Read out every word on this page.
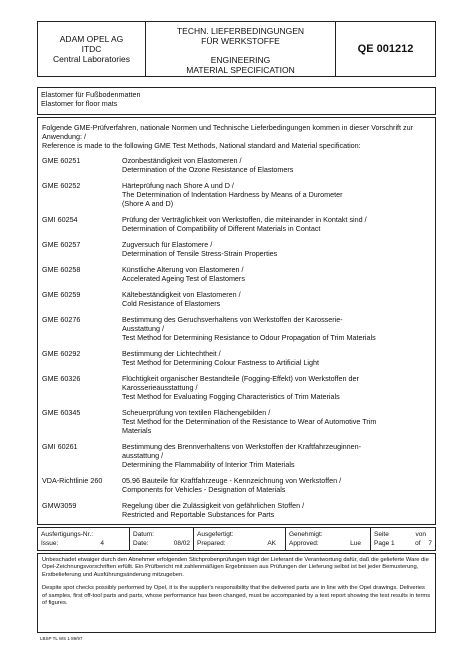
ADAM OPEL AG
ITDC
Central Laboratories
TECHN. LIEFERBEDINGUNGEN
FÜR WERKSTOFFE
ENGINEERING
MATERIAL SPECIFICATION
QE 001212
Elastomer für Fußbodenmatten
Elastomer for floor mats
Folgende GME-Prüfverfahren, nationale Normen und Technische Lieferbedingungen kommen in dieser Vorschrift zur Anwendung: /
Reference is made to the following GME Test Methods, National standard and Material specification:
GME 60251	Ozonbeständigkeit von Elastomeren /
Determination of the Ozone Resistance of Elastomers
GME 60252	Härteprüfung nach Shore A und D /
The Determination of Indentation Hardness by Means of a Durometer
(Shore A and D)
GMI 60254	Prüfung der Verträglichkeit von Werkstoffen, die miteinander in Kontakt sind /
Determination of Compatibility of Different Materials in Contact
GME 60257	Zugversuch für Elastomere /
Determination of Tensile Stress-Strain Properties
GME 60258	Künstliche Alterung von Elastomeren /
Accelerated Ageing Test of Elastomers
GME 60259	Kältebeständigkeit von Elastomeren /
Cold Resistance of Elastomers
GME 60276	Bestimmung des Geruchsverhaltens von Werkstoffen der Karosserie-
Ausstattung /
Test Method for Determining Resistance to Odour Propagation of Trim Materials
GME 60292	Bestimmung der Lichtechtheit /
Test Method for Determining Colour Fastness to Artificial Light
GME 60326	Flüchtigkeit organischer Bestandteile (Fogging-Effekt) von Werkstoffen der
Karosserieausstattung /
Test Method for Evaluating Fogging Characteristics of Trim Materials
GME 60345	Scheuerprüfung von textilen Flächengebilden /
Test Method for the Determination of the Resistance to Wear of Automotive Trim
Materials
GMI 60261	Bestimmung des Brennverhaltens von Werkstoffen der Kraftfahrzeuginnen-
ausstattung /
Determining the Flammability of Interior Trim Materials
VDA-Richtlinie 260	05.96 Bauteile für Kraftfahrzeuge - Kennzeichnung von Werkstoffen /
Components for Vehicles - Designation of Materials
GMW3059	Regelung über die Zulässigkeit von gefährlichen Stoffen /
Restricted and Reportable Substances for Parts
Ausfertigungs-Nr.:
Issue:	4
Datum:
Date:	08/02
Ausgefertigt:
Prepared:	AK
Genehmigt:
Approved:	Lue
Seite	von
Page 1	of 7

Unbeschadet etwaiger durch den Abnehmer erfolgenden Stichprobenprüfungen trägt der Lieferant die Verantwortung dafür, daß die gelieferte Ware die Opel-Zeichnungsvorschriften erfüllt. Ein Prüfbericht mit zahlenmäßigen Ergebnissen aus Prüfungen der Lieferung selbst ist bei jeder Bemusterung, Erstbelieferung und Ausführungsänderung mitzugeben.

Despite spot checks possibly performed by Opel, it is the supplier's responsibility that the delivered parts are in line with the Opel drawings. Deliveries of samples, first off-tool parts and parts, whose performance has been changed, must be accompanied by a test report showing the test results in terms of figures.

LBSP TL WS 1 89/97
